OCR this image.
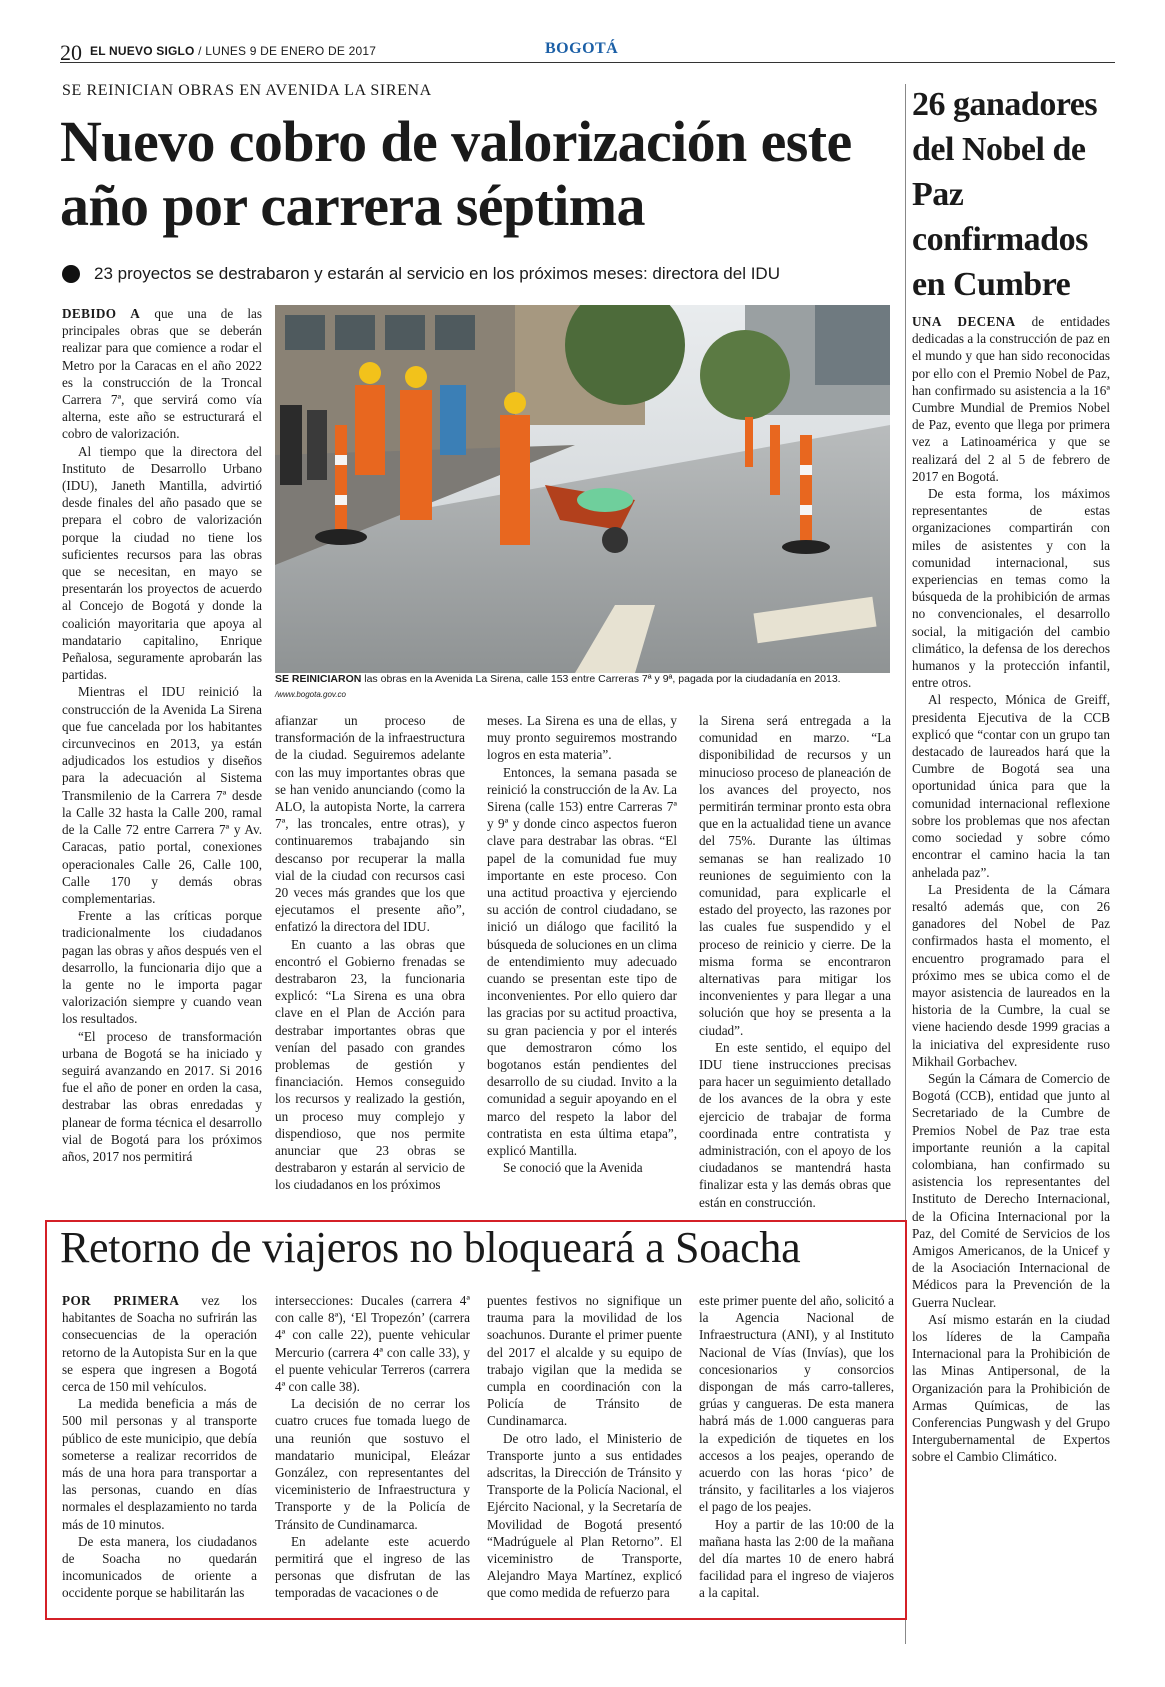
20 EL NUEVO SIGLO / LUNES 9 DE ENERO DE 2017	BOGOTÁ
SE REINICIAN OBRAS EN AVENIDA LA SIRENA
Nuevo cobro de valorización este año por carrera séptima
23 proyectos se destrabaron y estarán al servicio en los próximos meses: directora del IDU

DEBIDO A que una de las principales obras que se deberán realizar para que comience a rodar el Metro por la Caracas en el año 2022 es la construcción de la Troncal Carrera 7ª, que servirá como vía alterna, este año se estructurará el cobro de valorización.

Al tiempo que la directora del Instituto de Desarrollo Urbano (IDU), Janeth Mantilla, advirtió desde finales del año pasado que se prepara el cobro de valorización porque la ciudad no tiene los suficientes recursos para las obras que se necesitan, en mayo se presentarán los proyectos de acuerdo al Concejo de Bogotá y donde la coalición mayoritaria que apoya al mandatario capitalino, Enrique Peñalosa, seguramente aprobarán las partidas.

Mientras el IDU reinició la construcción de la Avenida La Sirena que fue cancelada por los habitantes circunvecinos en 2013, ya están adjudicados los estudios y diseños para la adecuación al Sistema Transmilenio de la Carrera 7ª desde la Calle 32 hasta la Calle 200, ramal de la Calle 72 entre Carrera 7ª y Av. Caracas, patio portal, conexiones operacionales Calle 26, Calle 100, Calle 170 y demás obras complementarias.

Frente a las críticas porque tradicionalmente los ciudadanos pagan las obras y años después ven el desarrollo, la funcionaria dijo que a la gente no le importa pagar valorización siempre y cuando vean los resultados.

“El proceso de transformación urbana de Bogotá se ha iniciado y seguirá avanzando en 2017. Si 2016 fue el año de poner en orden la casa, destrabar las obras enredadas y planear de forma técnica el desarrollo vial de Bogotá para los próximos años, 2017 nos permitirá

SE REINICIARON las obras en la Avenida La Sirena, calle 153 entre Carreras 7ª y 9ª, pagada por la ciudadanía en 2013.
/www.bogota.gov.co

afianzar un proceso de transformación de la infraestructura de la ciudad. Seguiremos adelante con las muy importantes obras que se han venido anunciando (como la ALO, la autopista Norte, la carrera 7ª, las troncales, entre otras), y continuaremos trabajando sin descanso por recuperar la malla vial de la ciudad con recursos casi 20 veces más grandes que los que ejecutamos el presente año”, enfatizó la directora del IDU.

En cuanto a las obras que encontró el Gobierno frenadas se destrabaron 23, la funcionaria explicó: “La Sirena es una obra clave en el Plan de Acción para destrabar importantes obras que venían del pasado con grandes problemas de gestión y financiación. Hemos conseguido los recursos y realizado la gestión, un proceso muy complejo y dispendioso, que nos permite anunciar que 23 obras se destrabaron y estarán al servicio de los ciudadanos en los próximos

meses. La Sirena es una de ellas, y muy pronto seguiremos mostrando logros en esta materia”.

Entonces, la semana pasada se reinició la construcción de la Av. La Sirena (calle 153) entre Carreras 7ª y 9ª y donde cinco aspectos fueron clave para destrabar las obras. “El papel de la comunidad fue muy importante en este proceso. Con una actitud proactiva y ejerciendo su acción de control ciudadano, se inició un diálogo que facilitó la búsqueda de soluciones en un clima de entendimiento muy adecuado cuando se presentan este tipo de inconvenientes. Por ello quiero dar las gracias por su actitud proactiva, su gran paciencia y por el interés que demostraron cómo los bogotanos están pendientes del desarrollo de su ciudad. Invito a la comunidad a seguir apoyando en el marco del respeto la labor del contratista en esta última etapa”, explicó Mantilla.

Se conoció que la Avenida

la Sirena será entregada a la comunidad en marzo. “La disponibilidad de recursos y un minucioso proceso de planeación de los avances del proyecto, nos permitirán terminar pronto esta obra que en la actualidad tiene un avance del 75%. Durante las últimas semanas se han realizado 10 reuniones de seguimiento con la comunidad, para explicarle el estado del proyecto, las razones por las cuales fue suspendido y el proceso de reinicio y cierre. De la misma forma se encontraron alternativas para mitigar los inconvenientes y para llegar a una solución que hoy se presenta a la ciudad”.

En este sentido, el equipo del IDU tiene instrucciones precisas para hacer un seguimiento detallado de los avances de la obra y este ejercicio de trabajar de forma coordinada entre contratista y administración, con el apoyo de los ciudadanos se mantendrá hasta finalizar esta y las demás obras que están en construcción.

26 ganadores del Nobel de Paz confirmados en Cumbre

UNA DECENA de entidades dedicadas a la construcción de paz en el mundo y que han sido reconocidas por ello con el Premio Nobel de Paz, han confirmado su asistencia a la 16ª Cumbre Mundial de Premios Nobel de Paz, evento que llega por primera vez a Latinoamérica y que se realizará del 2 al 5 de febrero de 2017 en Bogotá.

De esta forma, los máximos representantes de estas organizaciones compartirán con miles de asistentes y con la comunidad internacional, sus experiencias en temas como la búsqueda de la prohibición de armas no convencionales, el desarrollo social, la mitigación del cambio climático, la defensa de los derechos humanos y la protección infantil, entre otros.

Al respecto, Mónica de Greiff, presidenta Ejecutiva de la CCB explicó que “contar con un grupo tan destacado de laureados hará que la Cumbre de Bogotá sea una oportunidad única para que la comunidad internacional reflexione sobre los problemas que nos afectan como sociedad y sobre cómo encontrar el camino hacia la tan anhelada paz”.

La Presidenta de la Cámara resaltó además que, con 26 ganadores del Nobel de Paz confirmados hasta el momento, el encuentro programado para el próximo mes se ubica como el de mayor asistencia de laureados en la historia de la Cumbre, la cual se viene haciendo desde 1999 gracias a la iniciativa del expresidente ruso Mikhail Gorbachev.

Según la Cámara de Comercio de Bogotá (CCB), entidad que junto al Secretariado de la Cumbre de Premios Nobel de Paz trae esta importante reunión a la capital colombiana, han confirmado su asistencia los representantes del Instituto de Derecho Internacional, de la Oficina Internacional por la Paz, del Comité de Servicios de los Amigos Americanos, de la Unicef y de la Asociación Internacional de Médicos para la Prevención de la Guerra Nuclear.

Así mismo estarán en la ciudad los líderes de la Campaña Internacional para la Prohibición de las Minas Antipersonal, de la Organización para la Prohibición de Armas Químicas, de las Conferencias Pungwash y del Grupo Intergubernamental de Expertos sobre el Cambio Climático.

Retorno de viajeros no bloqueará a Soacha

POR PRIMERA vez los habitantes de Soacha no sufrirán las consecuencias de la operación retorno de la Autopista Sur en la que se espera que ingresen a Bogotá cerca de 150 mil vehículos.

La medida beneficia a más de 500 mil personas y al transporte público de este municipio, que debía someterse a realizar recorridos de más de una hora para transportar a las personas, cuando en días normales el desplazamiento no tarda más de 10 minutos.

De esta manera, los ciudadanos de Soacha no quedarán incomunicados de oriente a occidente porque se habilitarán las

intersecciones: Ducales (carrera 4ª con calle 8ª), ‘El Tropezón’ (carrera 4ª con calle 22), puente vehicular Mercurio (carrera 4ª con calle 33), y el puente vehicular Terreros (carrera 4ª con calle 38).

La decisión de no cerrar los cuatro cruces fue tomada luego de una reunión que sostuvo el mandatario municipal, Eleázar González, con representantes del viceministerio de Infraestructura y Transporte y de la Policía de Tránsito de Cundinamarca.

En adelante este acuerdo permitirá que el ingreso de las personas que disfrutan de las temporadas de vacaciones o de

puentes festivos no signifique un trauma para la movilidad de los soachunos. Durante el primer puente del 2017 el alcalde y su equipo de trabajo vigilan que la medida se cumpla en coordinación con la Policía de Tránsito de Cundinamarca.

De otro lado, el Ministerio de Transporte junto a sus entidades adscritas, la Dirección de Tránsito y Transporte de la Policía Nacional, el Ejército Nacional, y la Secretaría de Movilidad de Bogotá presentó “Madrúguele al Plan Retorno”. El viceministro de Transporte, Alejandro Maya Martínez, explicó que como medida de refuerzo para

este primer puente del año, solicitó a la Agencia Nacional de Infraestructura (ANI), y al Instituto Nacional de Vías (Invías), que los concesionarios y consorcios dispongan de más carro-talleres, grúas y cangueras. De esta manera habrá más de 1.000 cangueras para la expedición de tiquetes en los accesos a los peajes, operando de acuerdo con las horas ‘pico’ de tránsito, y facilitarles a los viajeros el pago de los peajes.

Hoy a partir de las 10:00 de la mañana hasta las 2:00 de la mañana del día martes 10 de enero habrá facilidad para el ingreso de viajeros a la capital.
